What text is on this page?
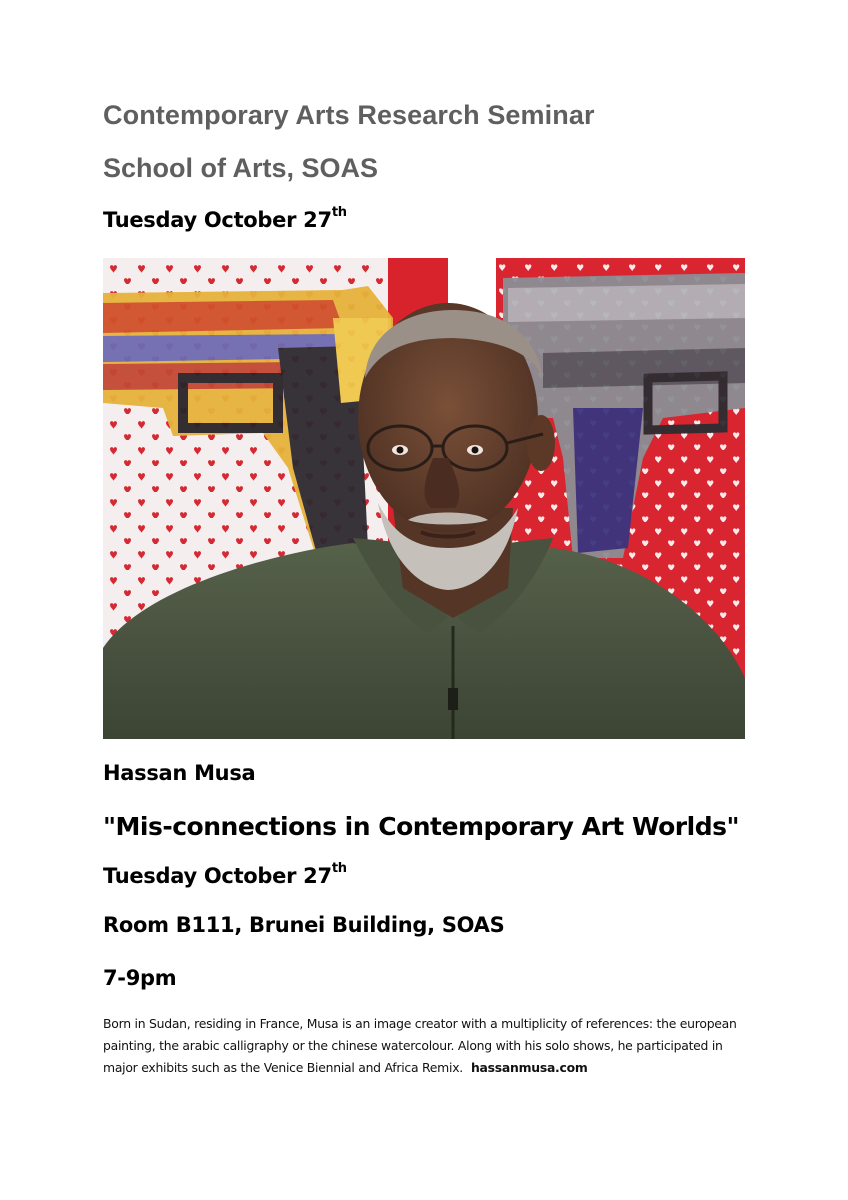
Contemporary Arts Research Seminar
School of Arts, SOAS
Tuesday October 27th
Hassan Musa
"Mis-connections in Contemporary Art Worlds"
Tuesday October 27th
Room B111, Brunei Building, SOAS
7-9pm
Born in Sudan, residing in France, Musa is an image creator with a multiplicity of references: the european painting, the arabic calligraphy or the chinese watercolour. Along with his solo shows, he participated in major exhibits such as the Venice Biennial and Africa Remix. hassanmusa.com
